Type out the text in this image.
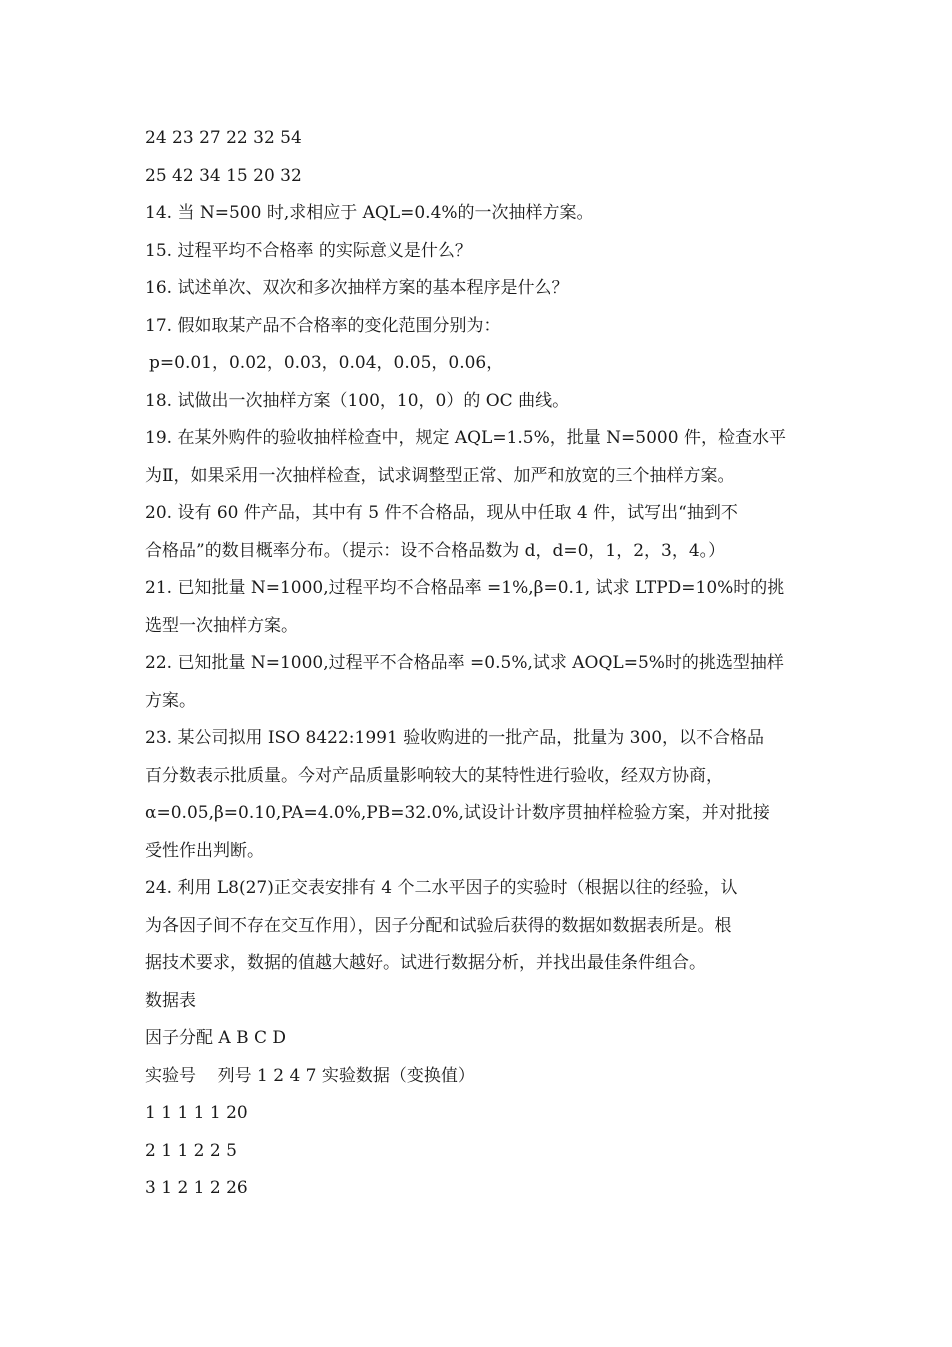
24 23 27 22 32 54
25 42 34 15 20 32
14. 当 N=500 时,求相应于 AQL=0.4%的一次抽样方案。
15. 过程平均不合格率 的实际意义是什么？
16. 试述单次、双次和多次抽样方案的基本程序是什么？
17. 假如取某产品不合格率的变化范围分别为：
p=0.01，0.02，0.03，0.04，0.05，0.06，
18. 试做出一次抽样方案（100，10，0）的 OC 曲线。
19. 在某外购件的验收抽样检查中，规定 AQL=1.5%，批量 N=5000 件，检查水平
为Ⅱ，如果采用一次抽样检查，试求调整型正常、加严和放宽的三个抽样方案。
20. 设有 60 件产品，其中有 5 件不合格品，现从中任取 4 件，试写出“抽到不
合格品”的数目概率分布。（提示：设不合格品数为 d，d=0，1，2，3，4。）
21. 已知批量 N=1000,过程平均不合格品率 =1%,β=0.1, 试求 LTPD=10%时的挑
选型一次抽样方案。
22. 已知批量 N=1000,过程平不合格品率 =0.5%,试求 AOQL=5%时的挑选型抽样
方案。
23. 某公司拟用 ISO 8422:1991 验收购进的一批产品，批量为 300，以不合格品
百分数表示批质量。今对产品质量影响较大的某特性进行验收，经双方协商，
α=0.05,β=0.10,PA=4.0%,PB=32.0%,试设计计数序贯抽样检验方案，并对批接
受性作出判断。
24. 利用 L8(27)正交表安排有 4 个二水平因子的实验时（根据以往的经验，认
为各因子间不存在交互作用），因子分配和试验后获得的数据如数据表所是。根
据技术要求，数据的值越大越好。试进行数据分析，并找出最佳条件组合。
数据表
因子分配 A B C D
实验号    列号 1 2 4 7 实验数据（变换值）
1 1 1 1 1 20
2 1 1 2 2 5
3 1 2 1 2 26
